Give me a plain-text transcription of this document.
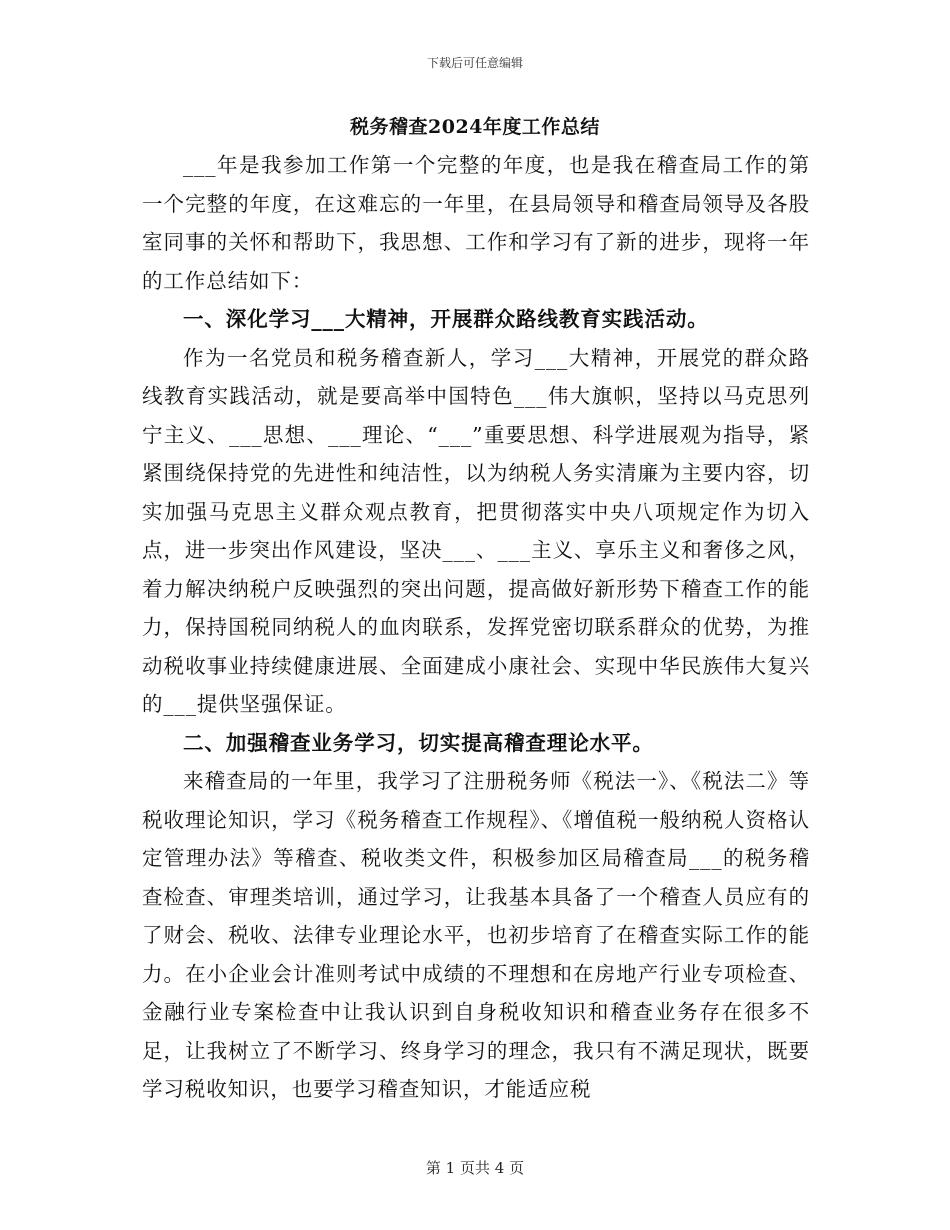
下载后可任意编辑
税务稽查2024年度工作总结

___年是我参加工作第一个完整的年度，也是我在稽查局工作的第一个完整的年度，在这难忘的一年里，在县局领导和稽查局领导及各股室同事的关怀和帮助下，我思想、工作和学习有了新的进步，现将一年的工作总结如下：

一、深化学习___大精神，开展群众路线教育实践活动。

作为一名党员和税务稽查新人，学习___大精神，开展党的群众路线教育实践活动，就是要高举中国特色___伟大旗帜，坚持以马克思列宁主义、___思想、___理论、“___”重要思想、科学进展观为指导，紧紧围绕保持党的先进性和纯洁性，以为纳税人务实清廉为主要内容，切实加强马克思主义群众观点教育，把贯彻落实中央八项规定作为切入点，进一步突出作风建设，坚决___、___主义、享乐主义和奢侈之风，着力解决纳税户反映强烈的突出问题，提高做好新形势下稽查工作的能力，保持国税同纳税人的血肉联系，发挥党密切联系群众的优势，为推动税收事业持续健康进展、全面建成小康社会、实现中华民族伟大复兴的___提供坚强保证。

二、加强稽查业务学习，切实提高稽查理论水平。

来稽查局的一年里，我学习了注册税务师《税法一》、《税法二》等税收理论知识，学习《税务稽查工作规程》、《增值税一般纳税人资格认定管理办法》等稽查、税收类文件，积极参加区局稽查局___的税务稽查检查、审理类培训，通过学习，让我基本具备了一个稽查人员应有的了财会、税收、法律专业理论水平，也初步培育了在稽查实际工作的能力。在小企业会计准则考试中成绩的不理想和在房地产行业专项检查、金融行业专案检查中让我认识到自身税收知识和稽查业务存在很多不足，让我树立了不断学习、终身学习的理念，我只有不满足现状，既要学习税收知识，也要学习稽查知识，才能适应税

第 1 页共 4 页
